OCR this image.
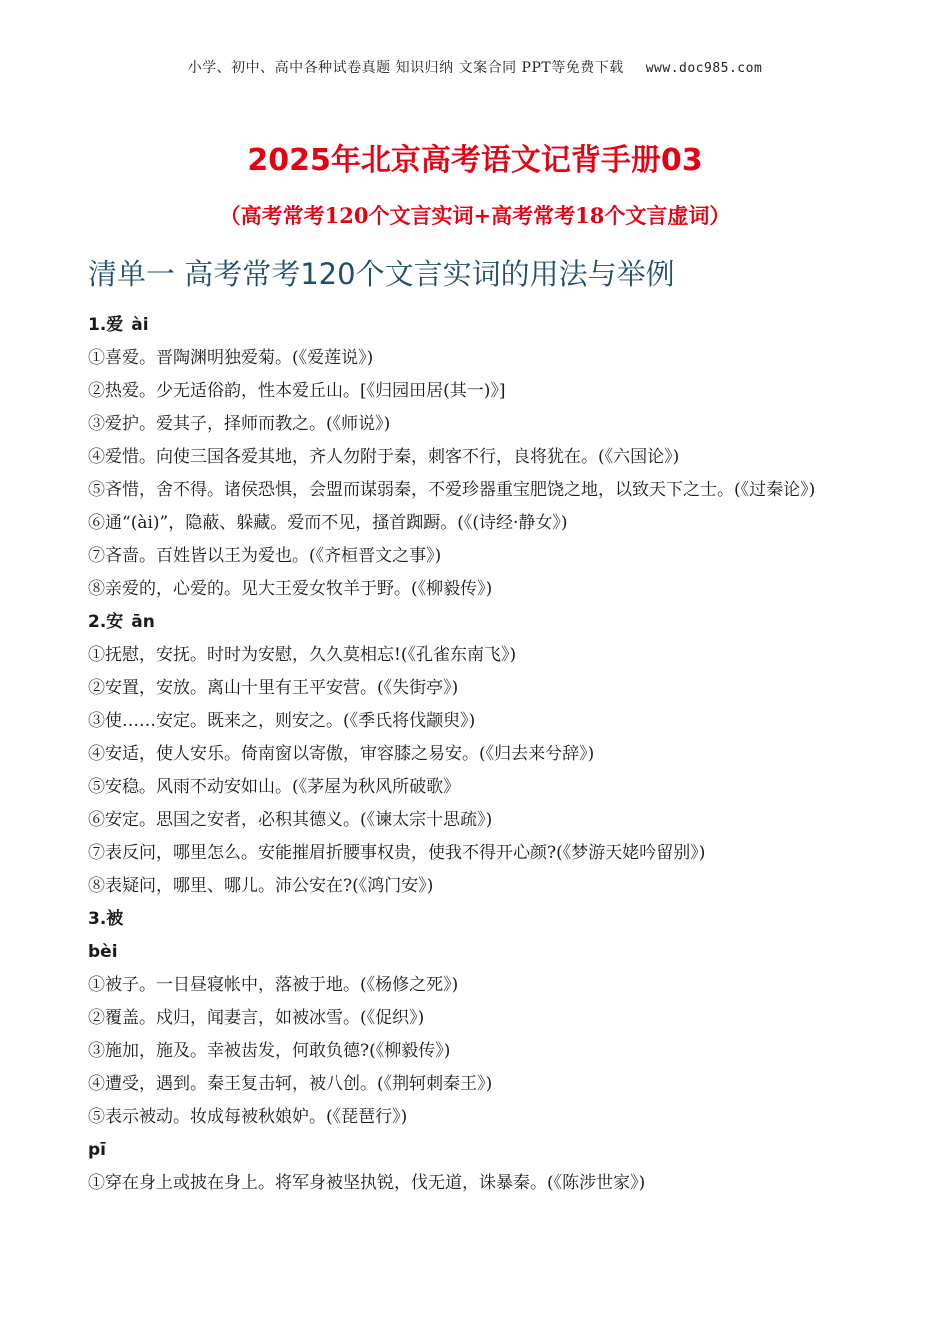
小学、初中、高中各种试卷真题 知识归纳 文案合同 PPT等免费下载 www.doc985.com
2025年北京高考语文记背手册03
（高考常考120个文言实词+高考常考18个文言虚词）
清单一 高考常考120个文言实词的用法与举例
1.爱 ài
①喜爱。晋陶渊明独爱菊。(《爱莲说》)
②热爱。少无适俗韵，性本爱丘山。[《归园田居(其一)》]
③爱护。爱其子，择师而教之。(《师说》)
④爱惜。向使三国各爱其地，齐人勿附于秦，刺客不行，良将犹在。(《六国论》)
⑤吝惜，舍不得。诸侯恐惧，会盟而谋弱秦，不爱珍器重宝肥饶之地，以致天下之士。(《过秦论》)
⑥通“(ài)”，隐蔽、躲藏。爱而不见，搔首踟蹰。(《(诗经·静女》)
⑦吝啬。百姓皆以王为爱也。(《齐桓晋文之事》)
⑧亲爱的，心爱的。见大王爱女牧羊于野。(《柳毅传》)
2.安 ān
①抚慰，安抚。时时为安慰，久久莫相忘!(《孔雀东南飞》)
②安置，安放。离山十里有王平安营。(《失街亭》)
③使……安定。既来之，则安之。(《季氏将伐颛臾》)
④安适，使人安乐。倚南窗以寄傲，审容膝之易安。(《归去来兮辞》)
⑤安稳。风雨不动安如山。(《茅屋为秋风所破歌》
⑥安定。思国之安者，必积其德义。(《谏太宗十思疏》)
⑦表反问，哪里怎么。安能摧眉折腰事权贵，使我不得开心颜?(《梦游天姥吟留别》)
⑧表疑问，哪里、哪儿。沛公安在?(《鸿门安》)
3.被
bèi
①被子。一日昼寝帐中，落被于地。(《杨修之死》)
②覆盖。戍归，闻妻言，如被冰雪。(《促织》)
③施加，施及。幸被齿发，何敢负德?(《柳毅传》)
④遭受，遇到。秦王复击轲，被八创。(《荆轲刺秦王》)
⑤表示被动。妆成每被秋娘妒。(《琵琶行》)
pī
①穿在身上或披在身上。将军身被坚执锐，伐无道，诛暴秦。(《陈涉世家》)
